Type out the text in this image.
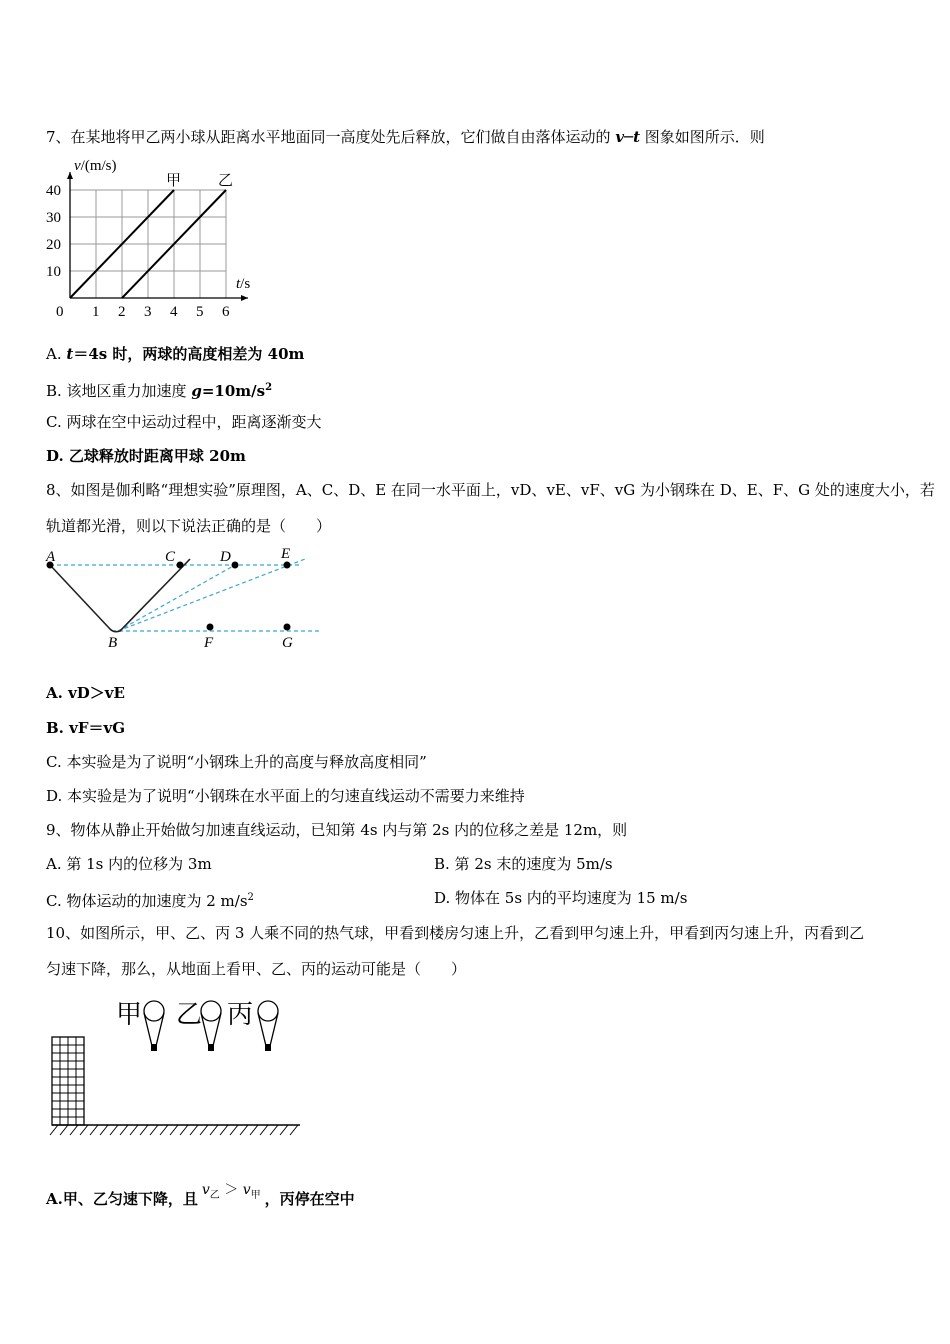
7、在某地将甲乙两小球从距离水平地面同一高度处先后释放，它们做自由落体运动的 v─t 图象如图所示．则
0 1 2 3 4 5 6
10
20
30
40
v/(m/s)
t/s
甲 乙
A. t＝4s 时，两球的高度相差为 40m
B. 该地区重力加速度 $g=10m/s^2$
C. 两球在空中运动过程中，距离逐渐变大
D. 乙球释放时距离甲球 20m
8、如图是伽利略“理想实验”原理图，A、C、D、E 在同一水平面上，vD、vE、vF、vG 为小钢珠在 D、E、F、G 处的速度大小，若
轨道都光滑，则以下说法正确的是（　　）
A	C	D	E
B	F	G
A. vD＞vE
B. vF＝vG
C. 本实验是为了说明“小钢珠上升的高度与释放高度相同”
D. 本实验是为了说明“小钢珠在水平面上的匀速直线运动不需要力来维持
9、物体从静止开始做匀加速直线运动，已知第 4s 内与第 2s 内的位移之差是 12m，则
A. 第 1s 内的位移为 3m	B. 第 2s 末的速度为 5m/s
C. 物体运动的加速度为 2 $m/s^2$	D. 物体在 5s 内的平均速度为 15 m/s
10、如图所示，甲、乙、丙 3 人乘不同的热气球，甲看到楼房匀速上升，乙看到甲匀速上升，甲看到丙匀速上升，丙看到乙
匀速下降，那么，从地面上看甲、乙、丙的运动可能是（　　）
甲 乙 丙
A.甲、乙匀速下降，且 $v_乙 > v_甲$ ，丙停在空中
